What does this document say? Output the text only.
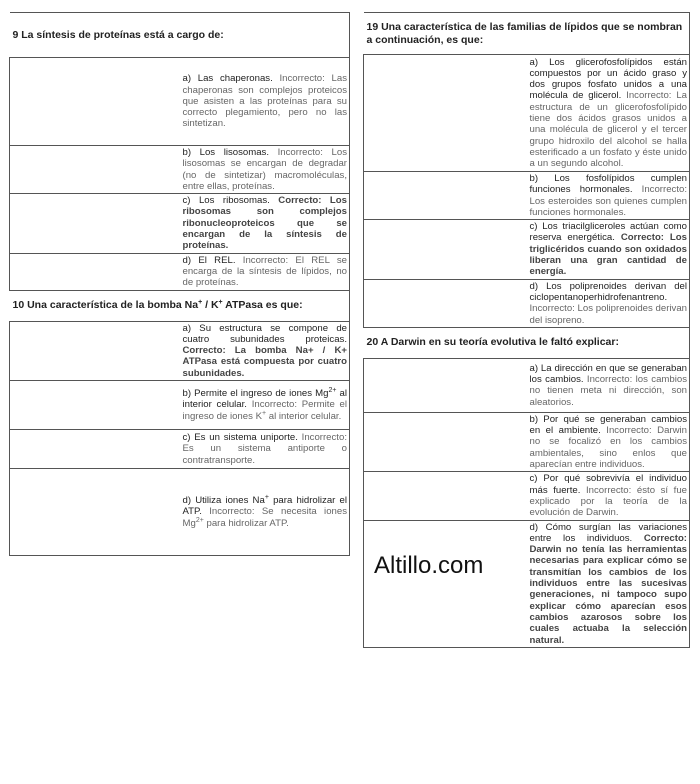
9 La síntesis de proteínas está a cargo de:	
	a) Las chaperonas. Incorrecto: Las chaperonas son complejos proteicos que asisten a las proteínas para su correcto plegamiento, pero no las sintetizan.
	b) Los lisosomas. Incorrecto: Los lisosomas se encargan de degradar (no de sintetizar) macromoléculas, entre ellas, proteínas.
	c) Los ribosomas. Correcto: Los ribosomas son complejos ribonucleoproteicos que se encargan de la síntesis de proteínas.
	d) El REL. Incorrecto: El REL se encarga de la síntesis de lípidos, no de proteínas.
10 Una característica de la bomba Na+ / K+ ATPasa es que:	
	a) Su estructura se compone de cuatro subunidades proteicas. Correcto: La bomba Na+ / K+ ATPasa está compuesta por cuatro subunidades.
	b) Permite el ingreso de iones $Mg^{2+}$ al interior celular. Incorrecto: Permite el ingreso de iones K+ al interior celular.
	c) Es un sistema uniporte. Incorrecto: Es un sistema antiporte o contratransporte.
	d) Utiliza iones Na+ para hidrolizar el ATP. Incorrecto: Se necesita iones $Mg^{2+}$ para hidrolizar ATP.
19 Una característica de las familias de lípidos que se nombran a continuación, es que:	
	a) Los glicerofosfolípidos están compuestos por un ácido graso y dos grupos fosfato unidos a una molécula de glicerol. Incorrecto: La estructura de un glicerofosfolípido tiene dos ácidos grasos unidos a una molécula de glicerol y el tercer grupo hidroxilo del alcohol se halla esterificado a un fosfato y éste unido a un segundo alcohol.
	b) Los fosfolípidos cumplen funciones hormonales. Incorrecto: Los esteroides son quienes cumplen funciones hormonales.
	c) Los triacilgliceroles actúan como reserva energética. Correcto: Los triglicéridos cuando son oxidados liberan una gran cantidad de energía.
	d) Los poliprenoides derivan del ciclopentanoperhidrofenantreno. Incorrecto: Los poliprenoides derivan del isopreno.
20 A Darwin en su teoría evolutiva le faltó explicar:	
	a) La dirección en que se generaban los cambios. Incorrecto: los cambios no tienen meta ni dirección, son aleatorios.
	b) Por qué se generaban cambios en el ambiente. Incorrecto: Darwin no se focalizó en los cambios ambientales, sino enlos que aparecían entre individuos.
	c) Por qué sobrevivía el individuo más fuerte. Incorrecto: ésto sí fue explicado por la teoría de la evolución de Darwin.
	d) Cómo surgían las variaciones entre los individuos. Correcto: Darwin no tenía las herramientas necesarias para explicar cómo se transmitían los cambios de los individuos entre las sucesivas generaciones, ni tampoco supo explicar cómo aparecían esos cambios azarosos sobre los cuales actuaba la selección natural.
Altillo.com
